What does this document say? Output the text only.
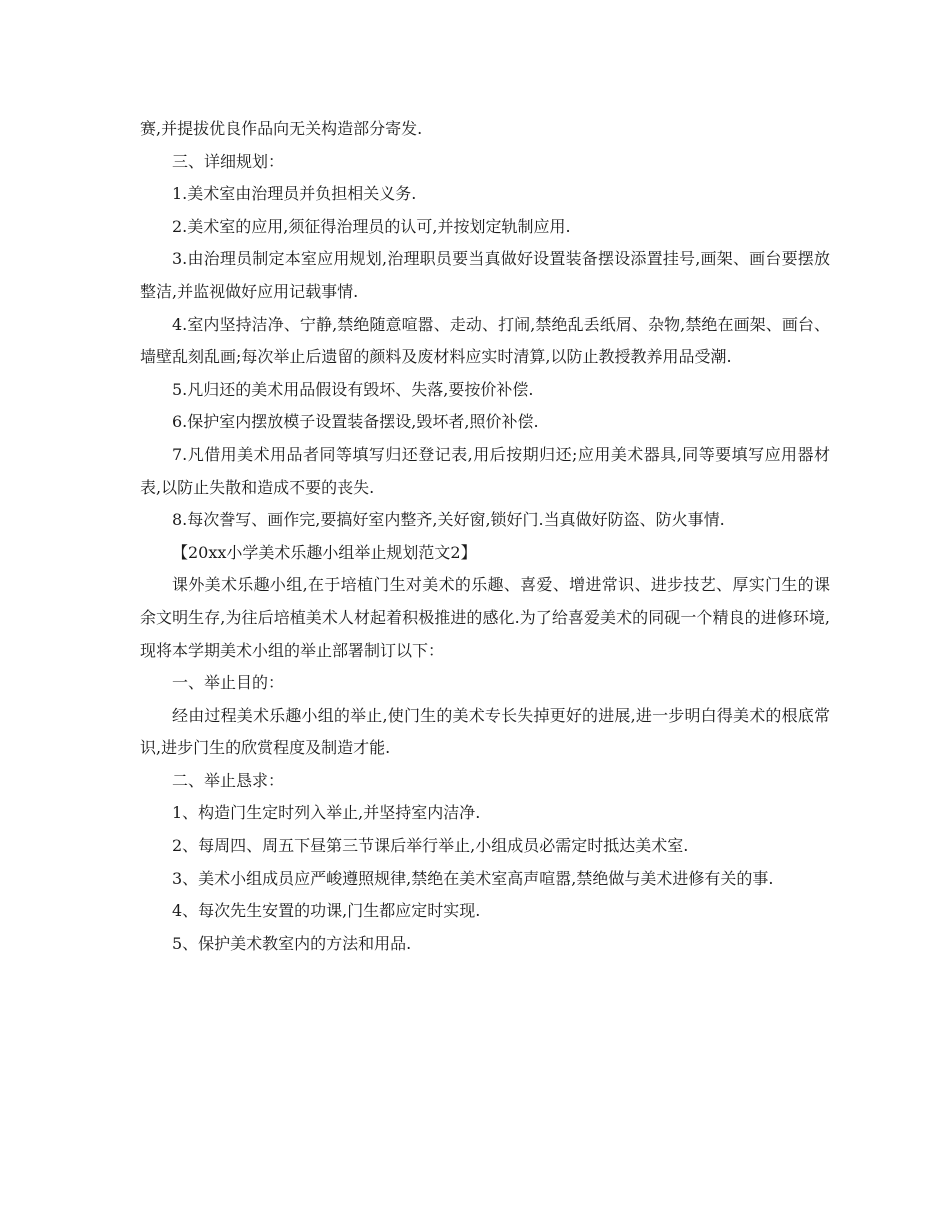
赛,并提拔优良作品向无关构造部分寄发.

三、详细规划：

1.美术室由治理员并负担相关义务.

2.美术室的应用,须征得治理员的认可,并按划定轨制应用.

3.由治理员制定本室应用规划,治理职员要当真做好设置装备摆设添置挂号,画架、画台要摆放整洁,并监视做好应用记载事情.

4.室内坚持洁净、宁静,禁绝随意喧嚣、走动、打闹,禁绝乱丢纸屑、杂物,禁绝在画架、画台、墙壁乱刻乱画;每次举止后遗留的颜料及废材料应实时清算,以防止教授教养用品受潮.

5.凡归还的美术用品假设有毁坏、失落,要按价补偿.

6.保护室内摆放模子设置装备摆设,毁坏者,照价补偿.

7.凡借用美术用品者同等填写归还登记表,用后按期归还;应用美术器具,同等要填写应用器材表,以防止失散和造成不要的丧失.

8.每次誊写、画作完,要搞好室内整齐,关好窗,锁好门.当真做好防盗、防火事情.

【20xx小学美术乐趣小组举止规划范文2】

课外美术乐趣小组,在于培植门生对美术的乐趣、喜爱、增进常识、进步技艺、厚实门生的课余文明生存,为往后培植美术人材起着积极推进的感化.为了给喜爱美术的同砚一个精良的进修环境,现将本学期美术小组的举止部署制订以下：

一、举止目的：

经由过程美术乐趣小组的举止,使门生的美术专长失掉更好的进展,进一步明白得美术的根底常识,进步门生的欣赏程度及制造才能.

二、举止恳求：

1、构造门生定时列入举止,并坚持室内洁净.

2、每周四、周五下昼第三节课后举行举止,小组成员必需定时抵达美术室.

3、美术小组成员应严峻遵照规律,禁绝在美术室高声喧嚣,禁绝做与美术进修有关的事.

4、每次先生安置的功课,门生都应定时实现.

5、保护美术教室内的方法和用品.
